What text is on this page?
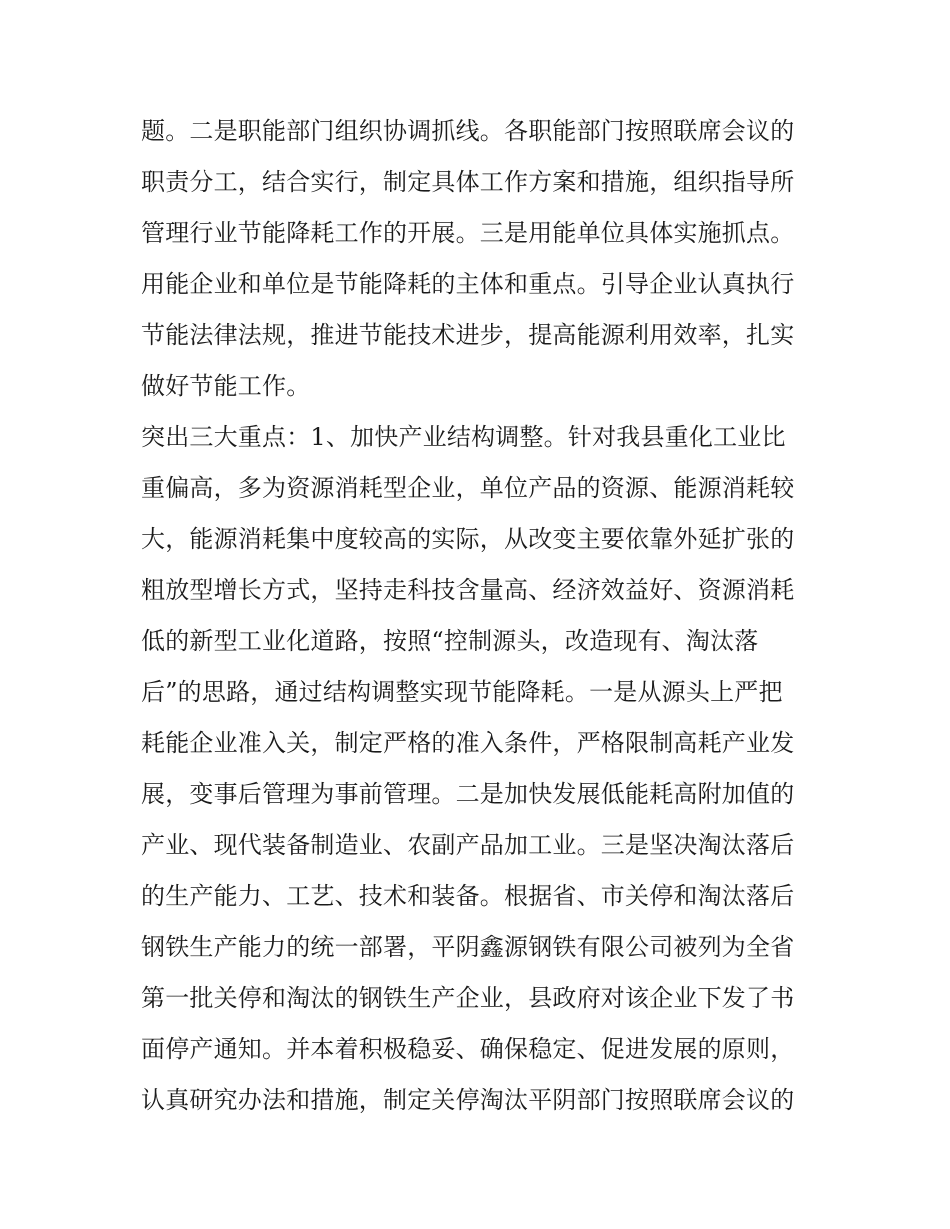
题。二是职能部门组织协调抓线。各职能部门按照联席会议的
职责分工，结合实行，制定具体工作方案和措施，组织指导所
管理行业节能降耗工作的开展。三是用能单位具体实施抓点。
用能企业和单位是节能降耗的主体和重点。引导企业认真执行
节能法律法规，推进节能技术进步，提高能源利用效率，扎实
做好节能工作。
突出三大重点：1、加快产业结构调整。针对我县重化工业比
重偏高，多为资源消耗型企业，单位产品的资源、能源消耗较
大，能源消耗集中度较高的实际，从改变主要依靠外延扩张的
粗放型增长方式，坚持走科技含量高、经济效益好、资源消耗
低的新型工业化道路，按照“控制源头，改造现有、淘汰落
后”的思路，通过结构调整实现节能降耗。一是从源头上严把
耗能企业准入关，制定严格的准入条件，严格限制高耗产业发
展，变事后管理为事前管理。二是加快发展低能耗高附加值的
产业、现代装备制造业、农副产品加工业。三是坚决淘汰落后
的生产能力、工艺、技术和装备。根据省、市关停和淘汰落后
钢铁生产能力的统一部署，平阴鑫源钢铁有限公司被列为全省
第一批关停和淘汰的钢铁生产企业，县政府对该企业下发了书
面停产通知。并本着积极稳妥、确保稳定、促进发展的原则，
认真研究办法和措施，制定关停淘汰平阴部门按照联席会议的
